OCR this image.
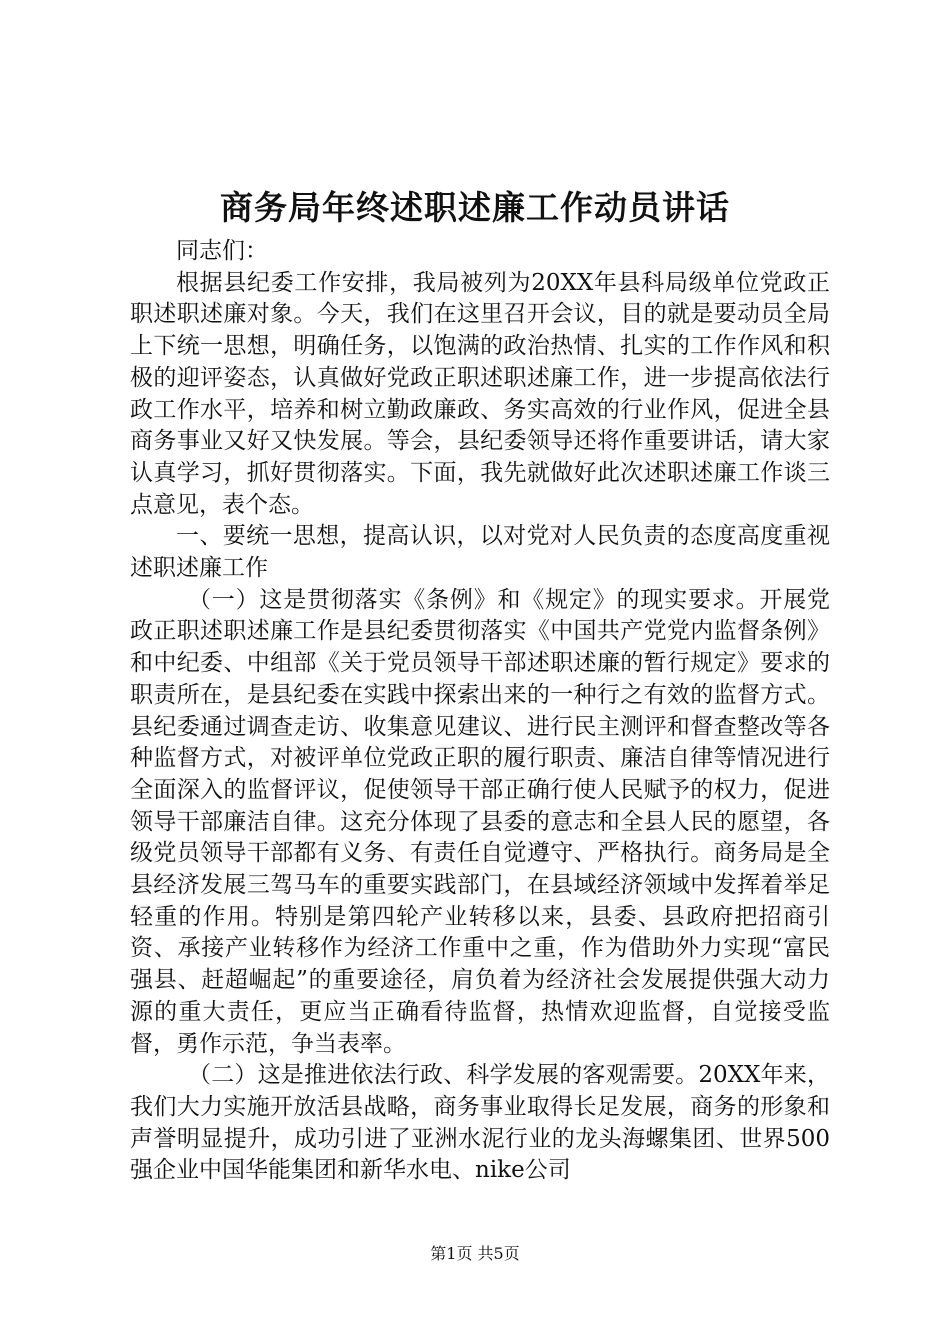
商务局年终述职述廉工作动员讲话

同志们：

根据县纪委工作安排，我局被列为20XX年县科局级单位党政正职述职述廉对象。今天，我们在这里召开会议，目的就是要动员全局上下统一思想，明确任务，以饱满的政治热情、扎实的工作作风和积极的迎评姿态，认真做好党政正职述职述廉工作，进一步提高依法行政工作水平，培养和树立勤政廉政、务实高效的行业作风，促进全县商务事业又好又快发展。等会，县纪委领导还将作重要讲话，请大家认真学习，抓好贯彻落实。下面，我先就做好此次述职述廉工作谈三点意见，表个态。

一、要统一思想，提高认识，以对党对人民负责的态度高度重视述职述廉工作

（一）这是贯彻落实《条例》和《规定》的现实要求。开展党政正职述职述廉工作是县纪委贯彻落实《中国共产党党内监督条例》和中纪委、中组部《关于党员领导干部述职述廉的暂行规定》要求的职责所在，是县纪委在实践中探索出来的一种行之有效的监督方式。县纪委通过调查走访、收集意见建议、进行民主测评和督查整改等各种监督方式，对被评单位党政正职的履行职责、廉洁自律等情况进行全面深入的监督评议，促使领导干部正确行使人民赋予的权力，促进领导干部廉洁自律。这充分体现了县委的意志和全县人民的愿望，各级党员领导干部都有义务、有责任自觉遵守、严格执行。商务局是全县经济发展三驾马车的重要实践部门，在县域经济领域中发挥着举足轻重的作用。特别是第四轮产业转移以来，县委、县政府把招商引资、承接产业转移作为经济工作重中之重，作为借助外力实现“富民强县、赶超崛起”的重要途径，肩负着为经济社会发展提供强大动力源的重大责任，更应当正确看待监督，热情欢迎监督，自觉接受监督，勇作示范，争当表率。

（二）这是推进依法行政、科学发展的客观需要。20XX年来，我们大力实施开放活县战略，商务事业取得长足发展，商务的形象和声誉明显提升，成功引进了亚洲水泥行业的龙头海螺集团、世界500强企业中国华能集团和新华水电、nike公司

第1页 共5页
